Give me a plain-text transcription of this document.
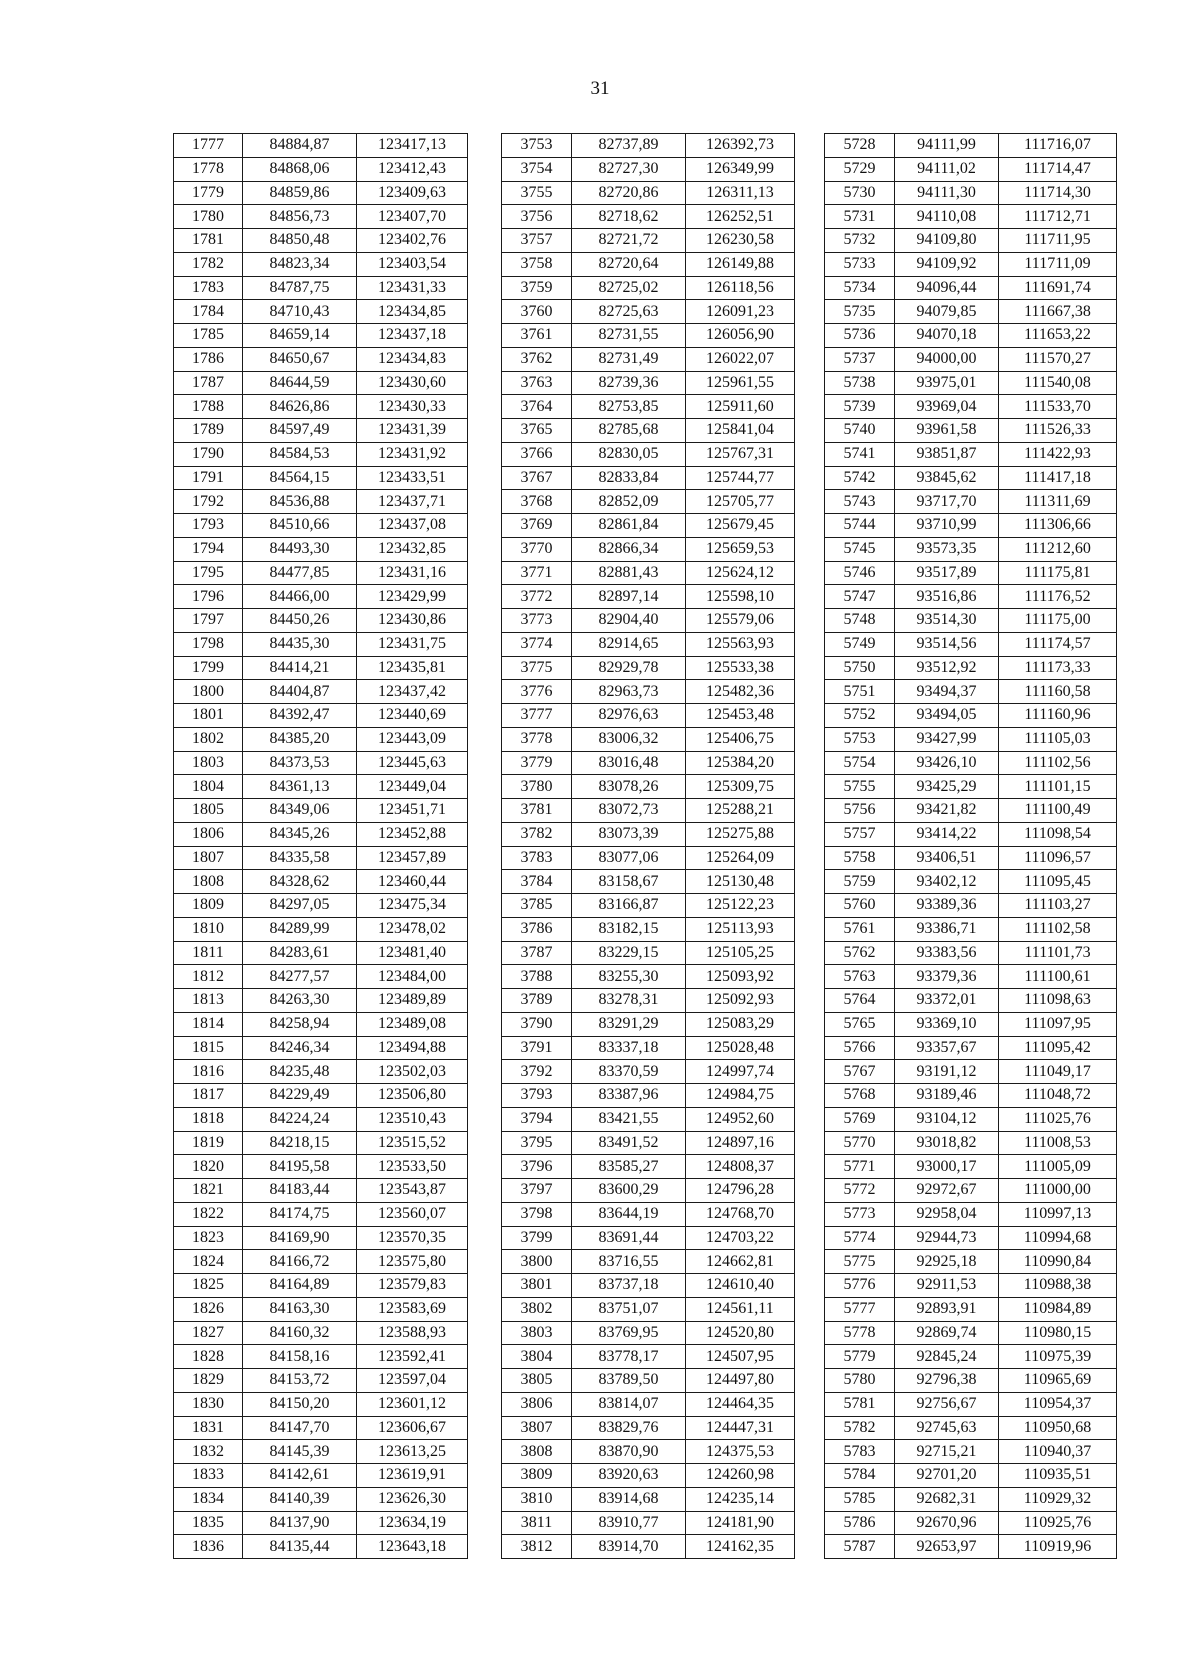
31
1777	84884,87	123417,13		3753	82737,89	126392,73		5728	94111,99	111716,07
1778	84868,06	123412,43		3754	82727,30	126349,99		5729	94111,02	111714,47
1779	84859,86	123409,63		3755	82720,86	126311,13		5730	94111,30	111714,30
1780	84856,73	123407,70		3756	82718,62	126252,51		5731	94110,08	111712,71
1781	84850,48	123402,76		3757	82721,72	126230,58		5732	94109,80	111711,95
1782	84823,34	123403,54		3758	82720,64	126149,88		5733	94109,92	111711,09
1783	84787,75	123431,33		3759	82725,02	126118,56		5734	94096,44	111691,74
1784	84710,43	123434,85		3760	82725,63	126091,23		5735	94079,85	111667,38
1785	84659,14	123437,18		3761	82731,55	126056,90		5736	94070,18	111653,22
1786	84650,67	123434,83		3762	82731,49	126022,07		5737	94000,00	111570,27
1787	84644,59	123430,60		3763	82739,36	125961,55		5738	93975,01	111540,08
1788	84626,86	123430,33		3764	82753,85	125911,60		5739	93969,04	111533,70
1789	84597,49	123431,39		3765	82785,68	125841,04		5740	93961,58	111526,33
1790	84584,53	123431,92		3766	82830,05	125767,31		5741	93851,87	111422,93
1791	84564,15	123433,51		3767	82833,84	125744,77		5742	93845,62	111417,18
1792	84536,88	123437,71		3768	82852,09	125705,77		5743	93717,70	111311,69
1793	84510,66	123437,08		3769	82861,84	125679,45		5744	93710,99	111306,66
1794	84493,30	123432,85		3770	82866,34	125659,53		5745	93573,35	111212,60
1795	84477,85	123431,16		3771	82881,43	125624,12		5746	93517,89	111175,81
1796	84466,00	123429,99		3772	82897,14	125598,10		5747	93516,86	111176,52
1797	84450,26	123430,86		3773	82904,40	125579,06		5748	93514,30	111175,00
1798	84435,30	123431,75		3774	82914,65	125563,93		5749	93514,56	111174,57
1799	84414,21	123435,81		3775	82929,78	125533,38		5750	93512,92	111173,33
1800	84404,87	123437,42		3776	82963,73	125482,36		5751	93494,37	111160,58
1801	84392,47	123440,69		3777	82976,63	125453,48		5752	93494,05	111160,96
1802	84385,20	123443,09		3778	83006,32	125406,75		5753	93427,99	111105,03
1803	84373,53	123445,63		3779	83016,48	125384,20		5754	93426,10	111102,56
1804	84361,13	123449,04		3780	83078,26	125309,75		5755	93425,29	111101,15
1805	84349,06	123451,71		3781	83072,73	125288,21		5756	93421,82	111100,49
1806	84345,26	123452,88		3782	83073,39	125275,88		5757	93414,22	111098,54
1807	84335,58	123457,89		3783	83077,06	125264,09		5758	93406,51	111096,57
1808	84328,62	123460,44		3784	83158,67	125130,48		5759	93402,12	111095,45
1809	84297,05	123475,34		3785	83166,87	125122,23		5760	93389,36	111103,27
1810	84289,99	123478,02		3786	83182,15	125113,93		5761	93386,71	111102,58
1811	84283,61	123481,40		3787	83229,15	125105,25		5762	93383,56	111101,73
1812	84277,57	123484,00		3788	83255,30	125093,92		5763	93379,36	111100,61
1813	84263,30	123489,89		3789	83278,31	125092,93		5764	93372,01	111098,63
1814	84258,94	123489,08		3790	83291,29	125083,29		5765	93369,10	111097,95
1815	84246,34	123494,88		3791	83337,18	125028,48		5766	93357,67	111095,42
1816	84235,48	123502,03		3792	83370,59	124997,74		5767	93191,12	111049,17
1817	84229,49	123506,80		3793	83387,96	124984,75		5768	93189,46	111048,72
1818	84224,24	123510,43		3794	83421,55	124952,60		5769	93104,12	111025,76
1819	84218,15	123515,52		3795	83491,52	124897,16		5770	93018,82	111008,53
1820	84195,58	123533,50		3796	83585,27	124808,37		5771	93000,17	111005,09
1821	84183,44	123543,87		3797	83600,29	124796,28		5772	92972,67	111000,00
1822	84174,75	123560,07		3798	83644,19	124768,70		5773	92958,04	110997,13
1823	84169,90	123570,35		3799	83691,44	124703,22		5774	92944,73	110994,68
1824	84166,72	123575,80		3800	83716,55	124662,81		5775	92925,18	110990,84
1825	84164,89	123579,83		3801	83737,18	124610,40		5776	92911,53	110988,38
1826	84163,30	123583,69		3802	83751,07	124561,11		5777	92893,91	110984,89
1827	84160,32	123588,93		3803	83769,95	124520,80		5778	92869,74	110980,15
1828	84158,16	123592,41		3804	83778,17	124507,95		5779	92845,24	110975,39
1829	84153,72	123597,04		3805	83789,50	124497,80		5780	92796,38	110965,69
1830	84150,20	123601,12		3806	83814,07	124464,35		5781	92756,67	110954,37
1831	84147,70	123606,67		3807	83829,76	124447,31		5782	92745,63	110950,68
1832	84145,39	123613,25		3808	83870,90	124375,53		5783	92715,21	110940,37
1833	84142,61	123619,91		3809	83920,63	124260,98		5784	92701,20	110935,51
1834	84140,39	123626,30		3810	83914,68	124235,14		5785	92682,31	110929,32
1835	84137,90	123634,19		3811	83910,77	124181,90		5786	92670,96	110925,76
1836	84135,44	123643,18		3812	83914,70	124162,35		5787	92653,97	110919,96
